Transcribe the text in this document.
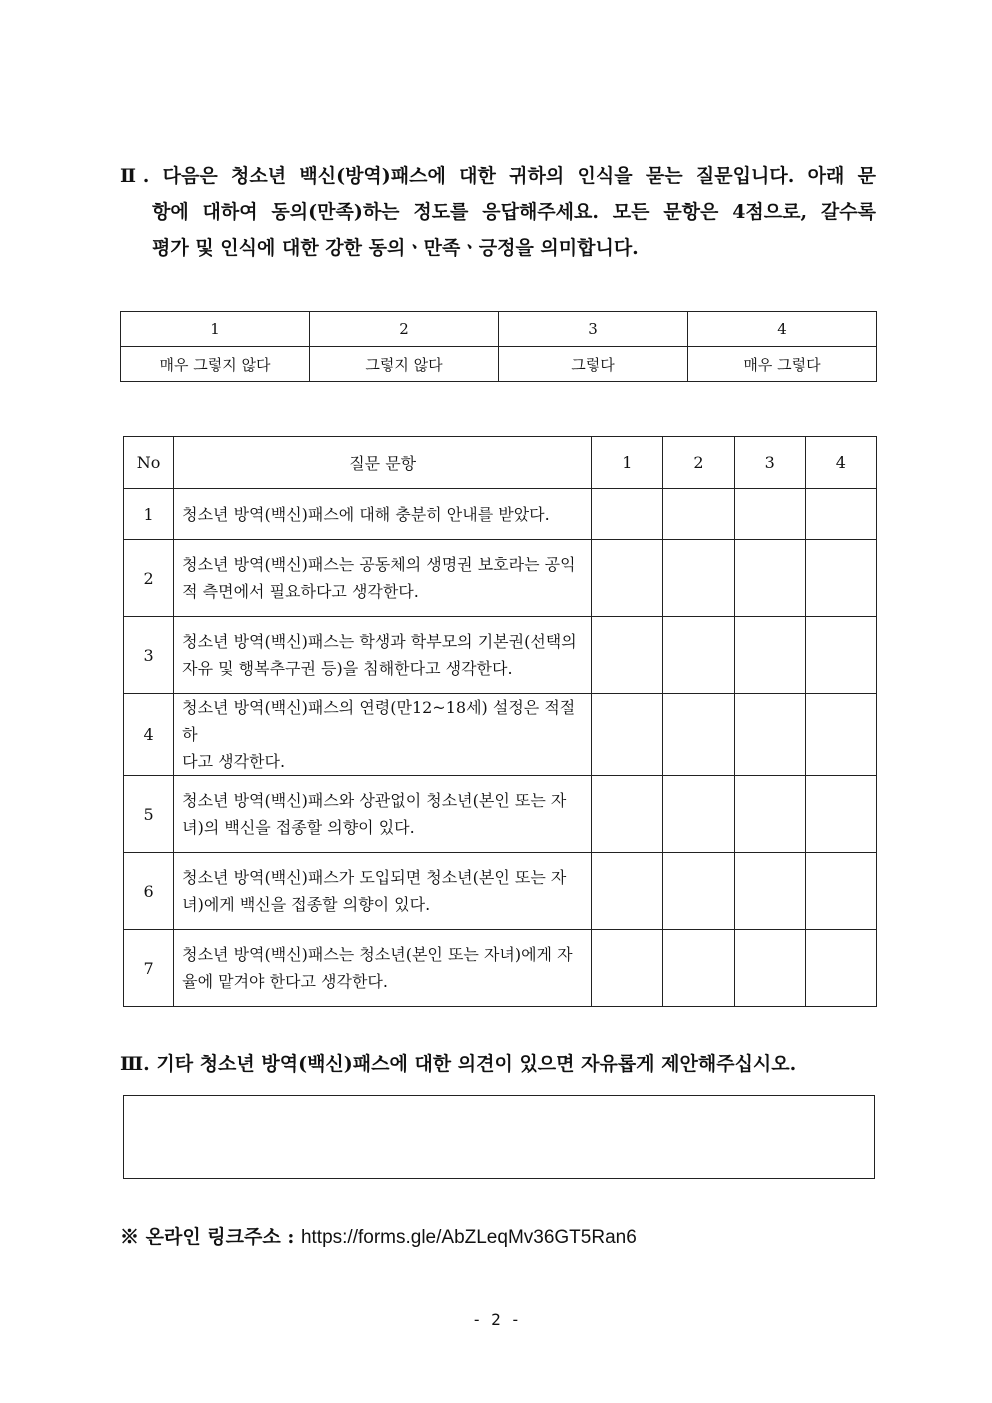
Ⅱ. 다음은 청소년 백신(방역)패스에 대한 귀하의 인식을 묻는 질문입니다. 아래 문
항에 대하여 동의(만족)하는 정도를 응답해주세요. 모든 문항은 4점으로, 갈수록
평가 및 인식에 대한 강한 동의ㆍ만족ㆍ긍정을 의미합니다.
1	2	3	4
매우 그렇지 않다	그렇지 않다	그렇다	매우 그렇다
No	질문 문항	1	2	3	4
1	청소년 방역(백신)패스에 대해 충분히 안내를 받았다.				
2	청소년 방역(백신)패스는 공동체의 생명권 보호라는 공익
적 측면에서 필요하다고 생각한다.				
3	청소년 방역(백신)패스는 학생과 학부모의 기본권(선택의
자유 및 행복추구권 등)을 침해한다고 생각한다.				
4	청소년 방역(백신)패스의 연령(만12~18세) 설정은 적절하
다고 생각한다.				
5	청소년 방역(백신)패스와 상관없이 청소년(본인 또는 자
녀)의 백신을 접종할 의향이 있다.				
6	청소년 방역(백신)패스가 도입되면 청소년(본인 또는 자
녀)에게 백신을 접종할 의향이 있다.				
7	청소년 방역(백신)패스는 청소년(본인 또는 자녀)에게 자
율에 맡겨야 한다고 생각한다.				
Ⅲ. 기타 청소년 방역(백신)패스에 대한 의견이 있으면 자유롭게 제안해주십시오.
※ 온라인 링크주소 : https://forms.gle/AbZLeqMv36GT5Ran6
- 2 -
